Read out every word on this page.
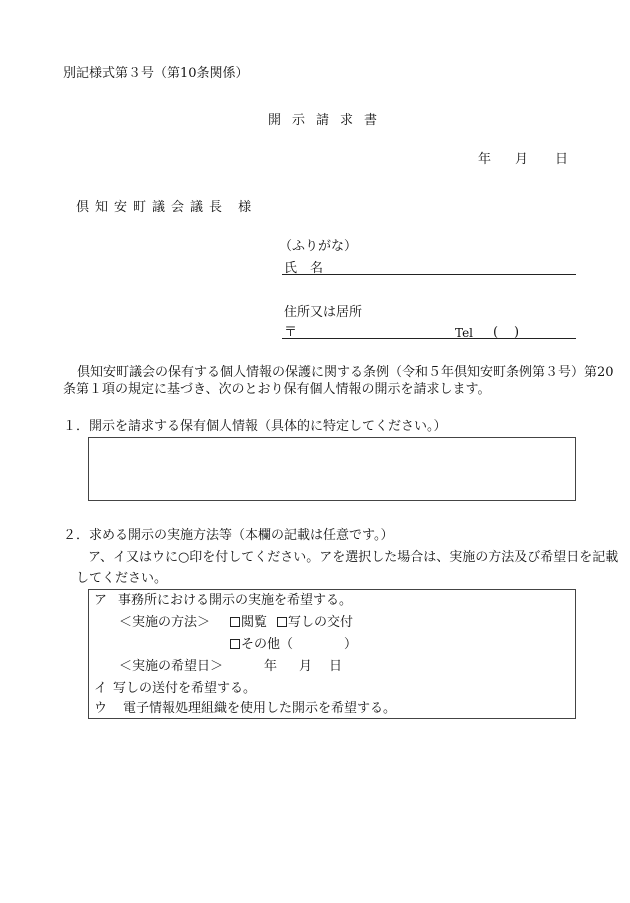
別記様式第３号（第10条関係）
開示請求書
年 月 日
倶知安町議会議長 様
（ふりがな）
氏　名
住所又は居所
〒	Tel ( )
倶知安町議会の保有する個人情報の保護に関する条例（令和５年倶知安町条例第３号）第20
条第１項の規定に基づき、次のとおり保有個人情報の開示を請求します。
１．開示を請求する保有個人情報（具体的に特定してください。）
２．求める開示の実施方法等（本欄の記載は任意です。）
ア、イ又はウに○印を付してください。アを選択した場合は、実施の方法及び希望日を記載
してください。
ア 事務所における開示の実施を希望する。
＜実施の方法＞	閲覧	写しの交付
その他（	）
＜実施の希望日＞	年 月 日
イ 写しの送付を希望する。
ウ 電子情報処理組織を使用した開示を希望する。
